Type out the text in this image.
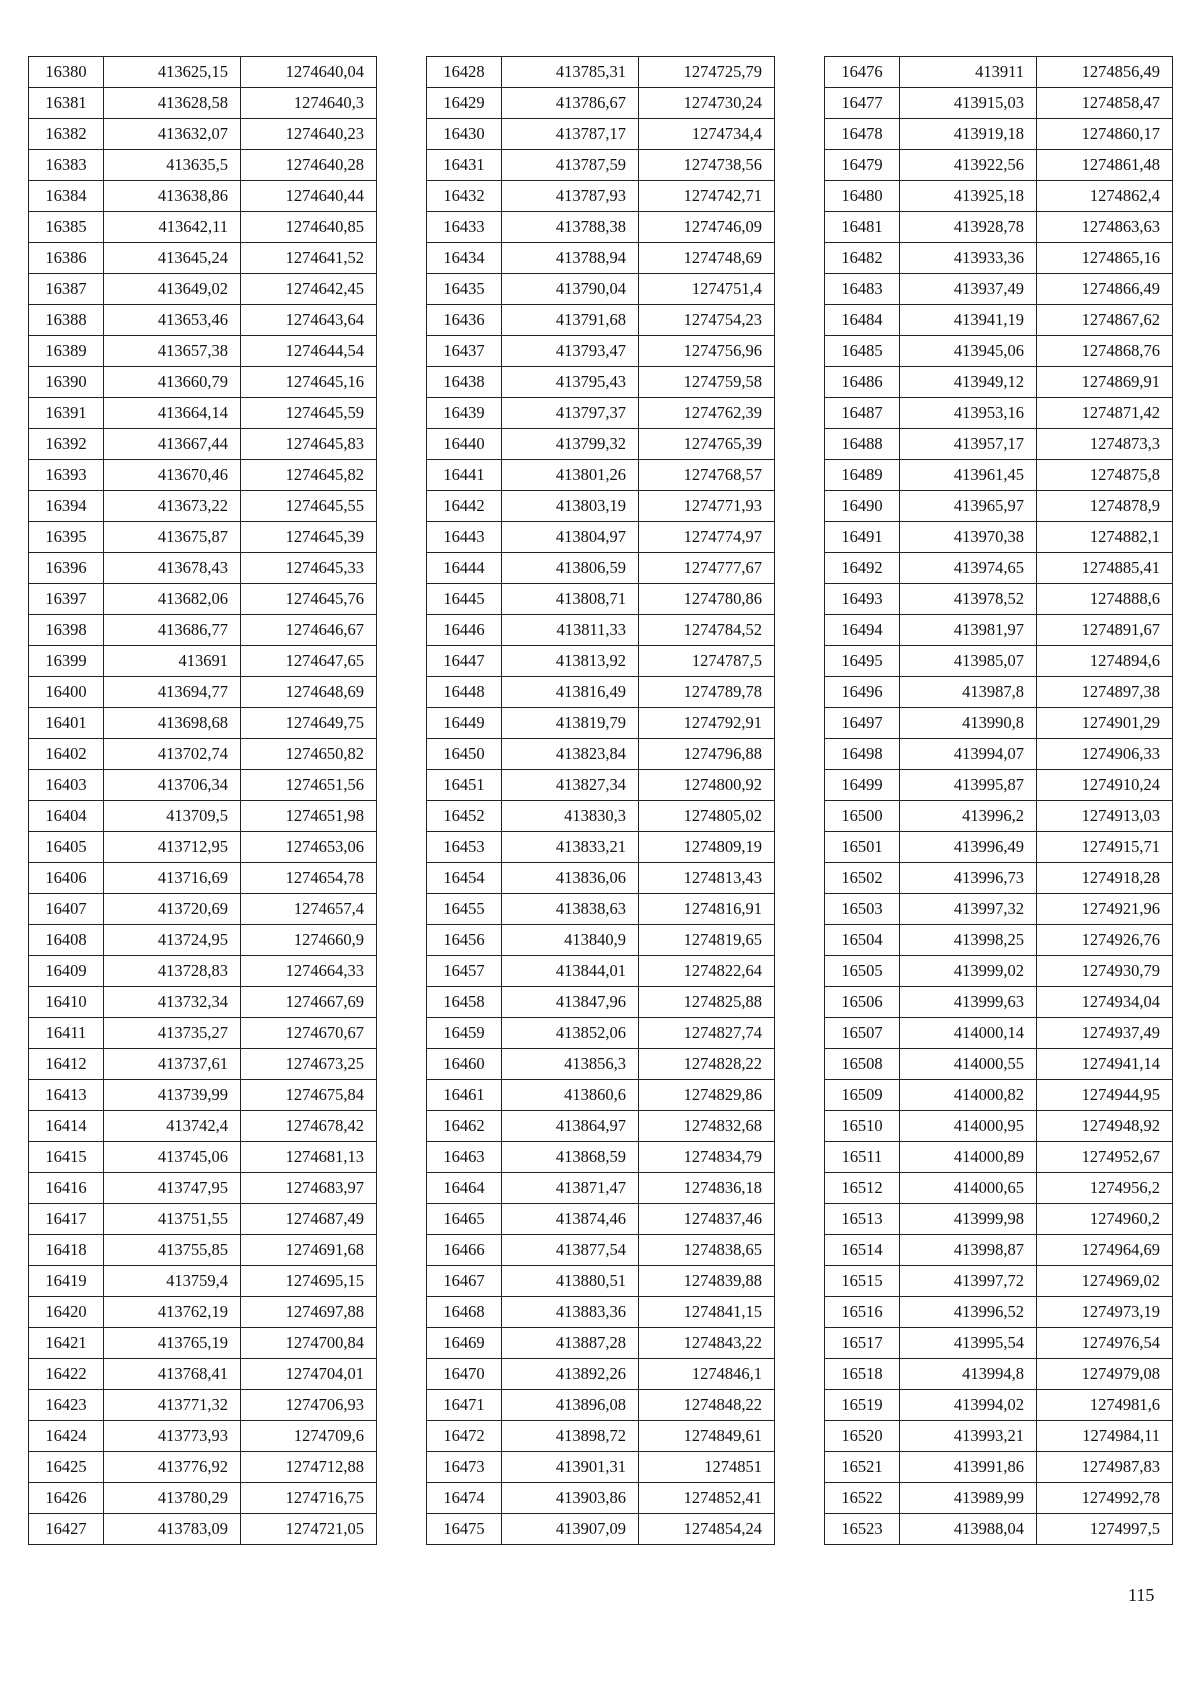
16380	413625,15	1274640,04
16381	413628,58	1274640,3
16382	413632,07	1274640,23
16383	413635,5	1274640,28
16384	413638,86	1274640,44
16385	413642,11	1274640,85
16386	413645,24	1274641,52
16387	413649,02	1274642,45
16388	413653,46	1274643,64
16389	413657,38	1274644,54
16390	413660,79	1274645,16
16391	413664,14	1274645,59
16392	413667,44	1274645,83
16393	413670,46	1274645,82
16394	413673,22	1274645,55
16395	413675,87	1274645,39
16396	413678,43	1274645,33
16397	413682,06	1274645,76
16398	413686,77	1274646,67
16399	413691	1274647,65
16400	413694,77	1274648,69
16401	413698,68	1274649,75
16402	413702,74	1274650,82
16403	413706,34	1274651,56
16404	413709,5	1274651,98
16405	413712,95	1274653,06
16406	413716,69	1274654,78
16407	413720,69	1274657,4
16408	413724,95	1274660,9
16409	413728,83	1274664,33
16410	413732,34	1274667,69
16411	413735,27	1274670,67
16412	413737,61	1274673,25
16413	413739,99	1274675,84
16414	413742,4	1274678,42
16415	413745,06	1274681,13
16416	413747,95	1274683,97
16417	413751,55	1274687,49
16418	413755,85	1274691,68
16419	413759,4	1274695,15
16420	413762,19	1274697,88
16421	413765,19	1274700,84
16422	413768,41	1274704,01
16423	413771,32	1274706,93
16424	413773,93	1274709,6
16425	413776,92	1274712,88
16426	413780,29	1274716,75
16427	413783,09	1274721,05
16428	413785,31	1274725,79
16429	413786,67	1274730,24
16430	413787,17	1274734,4
16431	413787,59	1274738,56
16432	413787,93	1274742,71
16433	413788,38	1274746,09
16434	413788,94	1274748,69
16435	413790,04	1274751,4
16436	413791,68	1274754,23
16437	413793,47	1274756,96
16438	413795,43	1274759,58
16439	413797,37	1274762,39
16440	413799,32	1274765,39
16441	413801,26	1274768,57
16442	413803,19	1274771,93
16443	413804,97	1274774,97
16444	413806,59	1274777,67
16445	413808,71	1274780,86
16446	413811,33	1274784,52
16447	413813,92	1274787,5
16448	413816,49	1274789,78
16449	413819,79	1274792,91
16450	413823,84	1274796,88
16451	413827,34	1274800,92
16452	413830,3	1274805,02
16453	413833,21	1274809,19
16454	413836,06	1274813,43
16455	413838,63	1274816,91
16456	413840,9	1274819,65
16457	413844,01	1274822,64
16458	413847,96	1274825,88
16459	413852,06	1274827,74
16460	413856,3	1274828,22
16461	413860,6	1274829,86
16462	413864,97	1274832,68
16463	413868,59	1274834,79
16464	413871,47	1274836,18
16465	413874,46	1274837,46
16466	413877,54	1274838,65
16467	413880,51	1274839,88
16468	413883,36	1274841,15
16469	413887,28	1274843,22
16470	413892,26	1274846,1
16471	413896,08	1274848,22
16472	413898,72	1274849,61
16473	413901,31	1274851
16474	413903,86	1274852,41
16475	413907,09	1274854,24
16476	413911	1274856,49
16477	413915,03	1274858,47
16478	413919,18	1274860,17
16479	413922,56	1274861,48
16480	413925,18	1274862,4
16481	413928,78	1274863,63
16482	413933,36	1274865,16
16483	413937,49	1274866,49
16484	413941,19	1274867,62
16485	413945,06	1274868,76
16486	413949,12	1274869,91
16487	413953,16	1274871,42
16488	413957,17	1274873,3
16489	413961,45	1274875,8
16490	413965,97	1274878,9
16491	413970,38	1274882,1
16492	413974,65	1274885,41
16493	413978,52	1274888,6
16494	413981,97	1274891,67
16495	413985,07	1274894,6
16496	413987,8	1274897,38
16497	413990,8	1274901,29
16498	413994,07	1274906,33
16499	413995,87	1274910,24
16500	413996,2	1274913,03
16501	413996,49	1274915,71
16502	413996,73	1274918,28
16503	413997,32	1274921,96
16504	413998,25	1274926,76
16505	413999,02	1274930,79
16506	413999,63	1274934,04
16507	414000,14	1274937,49
16508	414000,55	1274941,14
16509	414000,82	1274944,95
16510	414000,95	1274948,92
16511	414000,89	1274952,67
16512	414000,65	1274956,2
16513	413999,98	1274960,2
16514	413998,87	1274964,69
16515	413997,72	1274969,02
16516	413996,52	1274973,19
16517	413995,54	1274976,54
16518	413994,8	1274979,08
16519	413994,02	1274981,6
16520	413993,21	1274984,11
16521	413991,86	1274987,83
16522	413989,99	1274992,78
16523	413988,04	1274997,5
115
